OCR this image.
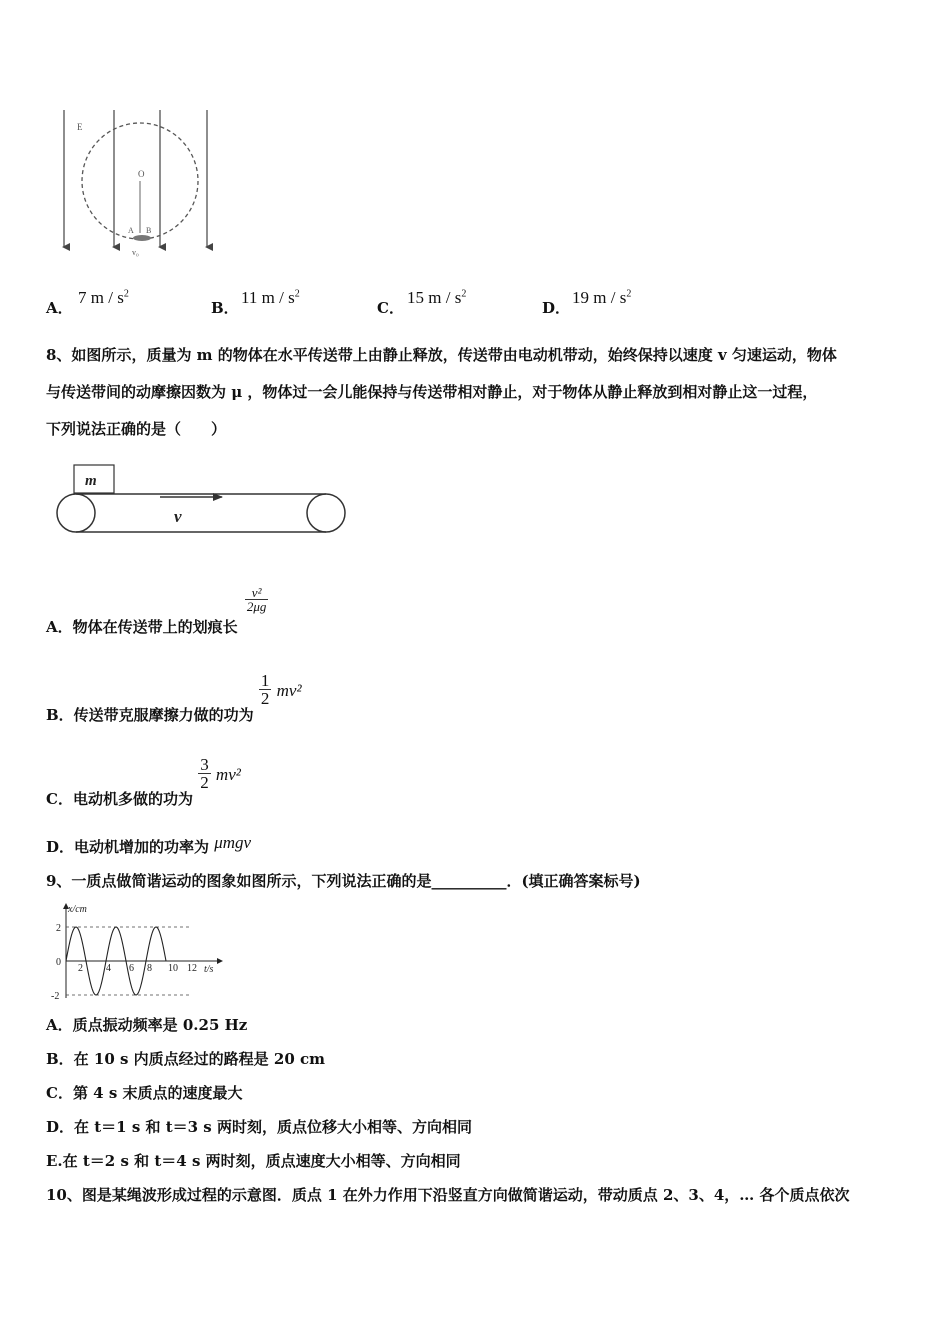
E
O
A B
v₀
A．
7 m / $s^2$
B．
11 m / $s^2$
C．
15 m / $s^2$
D．
19 m / $s^2$
8、如图所示，质量为 m 的物体在水平传送带上由静止释放，传送带由电动机带动，始终保持以速度 v 匀速运动，物体
与传送带间的动摩擦因数为 μ ，物体过一会儿能保持与传送带相对静止，对于物体从静止释放到相对静止这一过程，
下列说法正确的是（　　）
m
v
A．物体在传送带上的划痕长
$\frac{\text{v²}}{2\mu g}$
B．传送带克服摩擦力做的功为
$\frac{1}{2} mv^2$
C．电动机多做的功为
$\frac{3}{2} mv^2$
D．电动机增加的功率为 μmgv
9、一质点做简谐运动的图象如图所示，下列说法正确的是__________．(填正确答案标号)
x/cm
t/s
2
0
-2
2 4 6 8 10 12
A．质点振动频率是 0.25 Hz
B．在 10 s 内质点经过的路程是 20 cm
C．第 4 s 末质点的速度最大
D．在 t＝1 s 和 t＝3 s 两时刻，质点位移大小相等、方向相同
E.在 t＝2 s 和 t＝4 s 两时刻，质点速度大小相等、方向相同
10、图是某绳波形成过程的示意图．质点 1 在外力作用下沿竖直方向做简谐运动，带动质点 2、3、4，… 各个质点依次
